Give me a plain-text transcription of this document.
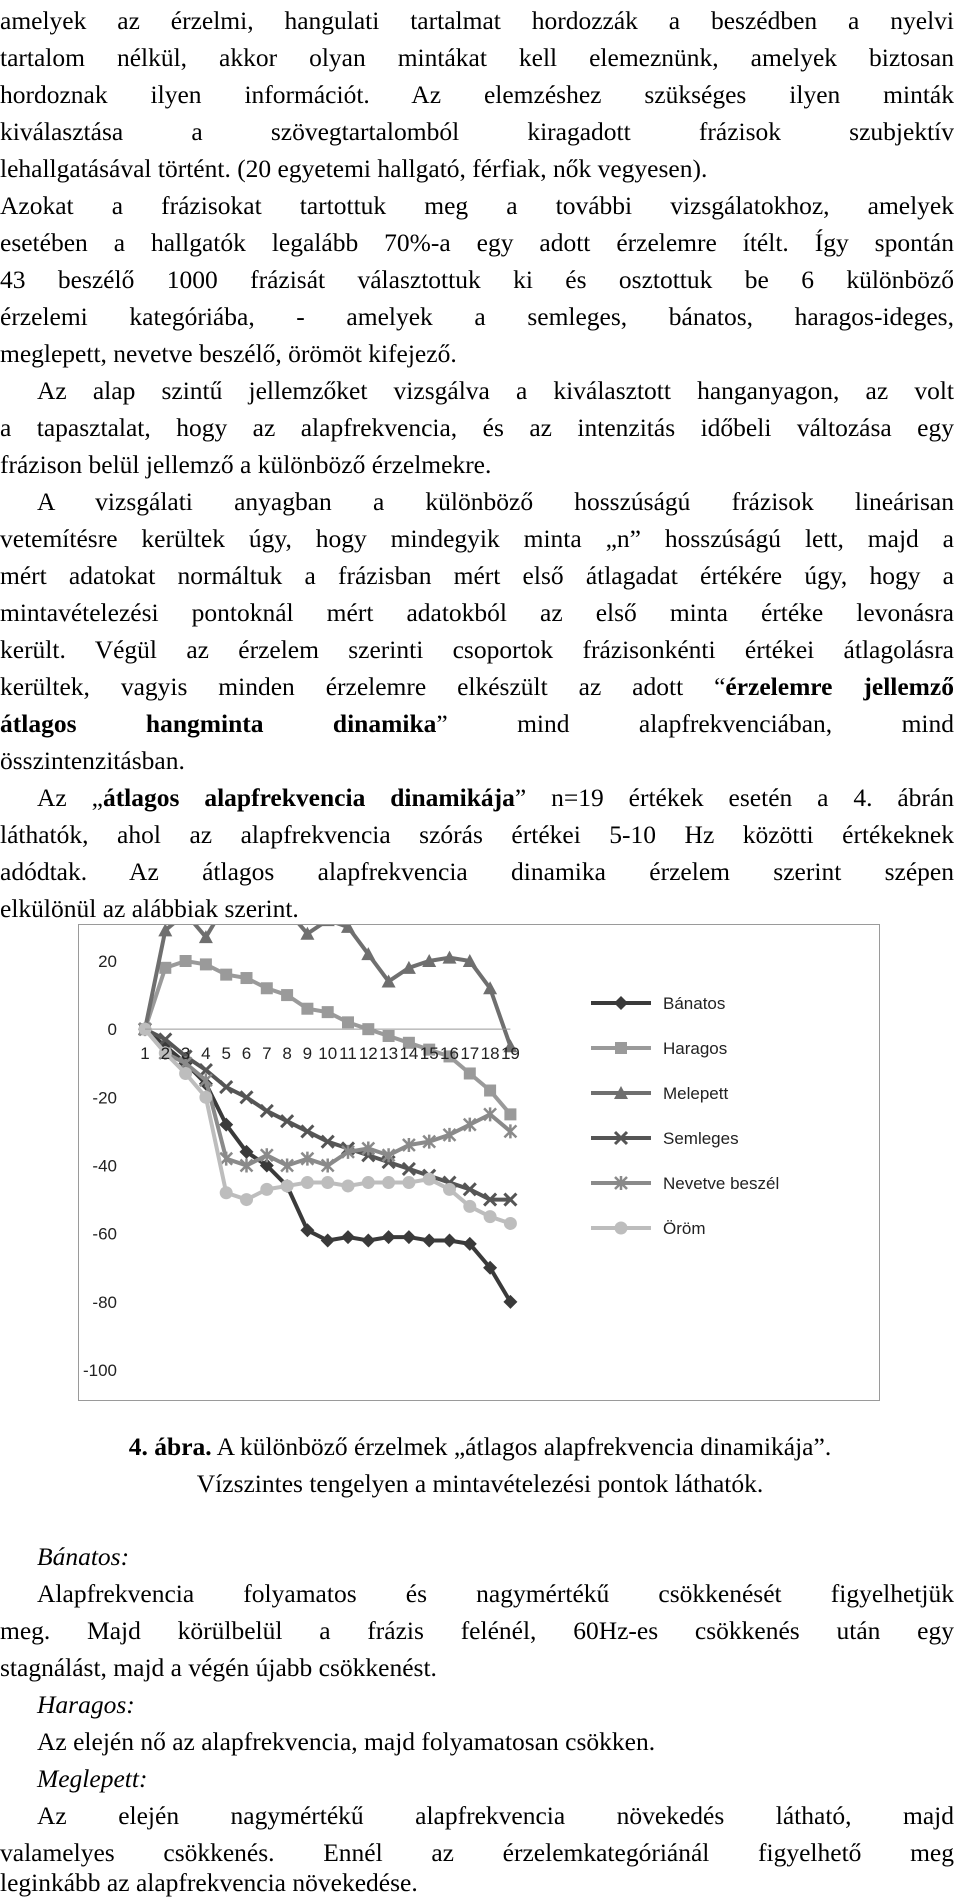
amelyek az érzelmi, hangulati tartalmat hordozzák a beszédben a nyelvi
tartalom nélkül, akkor olyan mintákat kell elemeznünk, amelyek biztosan
hordoznak ilyen információt. Az elemzéshez szükséges ilyen minták
kiválasztása a szövegtartalomból kiragadott frázisok szubjektív
lehallgatásával történt. (20 egyetemi hallgató, férfiak, nők vegyesen).
Azokat a frázisokat tartottuk meg a további vizsgálatokhoz, amelyek
esetében a hallgatók legalább 70%-a egy adott érzelemre ítélt. Így spontán
43 beszélő 1000 frázisát választottuk ki és osztottuk be 6 különböző
érzelemi kategóriába, - amelyek a semleges, bánatos, haragos-ideges,
meglepett, nevetve beszélő, örömöt kifejező.
Az alap szintű jellemzőket vizsgálva a kiválasztott hanganyagon, az volt
a tapasztalat, hogy az alapfrekvencia, és az intenzitás időbeli változása egy
frázison belül jellemző a különböző érzelmekre.
A vizsgálati anyagban a különböző hosszúságú frázisok lineárisan
vetemítésre kerültek úgy, hogy mindegyik minta „n” hosszúságú lett, majd a
mért adatokat normáltuk a frázisban mért első átlagadat értékére úgy, hogy a
mintavételezési pontoknál mért adatokból az első minta értéke levonásra
került. Végül az érzelem szerinti csoportok frázisonkénti értékei átlagolásra
kerültek, vagyis minden érzelemre elkészült az adott “érzelemre jellemző
átlagos hangminta dinamika” mind alapfrekvenciában, mind
összintenzitásban.
Az „átlagos alapfrekvencia dinamikája” n=19 értékek esetén a 4. ábrán
láthatók, ahol az alapfrekvencia szórás értékei 5-10 Hz közötti értékeknek
adódtak. Az átlagos alapfrekvencia dinamika érzelem szerint szépen
elkülönül az alábbiak szerint.
20
0
-20
-40
-60
-80
-100
1 2 3 4 5 6 7 8 9 10 11 12 13 14 15 16 17 18 19
Bánatos
Haragos
Melepett
Semleges
Nevetve beszél
Öröm
4. ábra. A különböző érzelmek „átlagos alapfrekvencia dinamikája”.
Vízszintes tengelyen a mintavételezési pontok láthatók.
Bánatos:
Alapfrekvencia folyamatos és nagymértékű csökkenését figyelhetjük
meg. Majd körülbelül a frázis felénél, 60Hz-es csökkenés után egy
stagnálást, majd a végén újabb csökkenést.
Haragos:
Az elején nő az alapfrekvencia, majd folyamatosan csökken.
Meglepett:
Az elején nagymértékű alapfrekvencia növekedés látható, majd
valamelyes csökkenés. Ennél az érzelemkategóriánál figyelhető meg
leginkább az alapfrekvencia növekedése.
